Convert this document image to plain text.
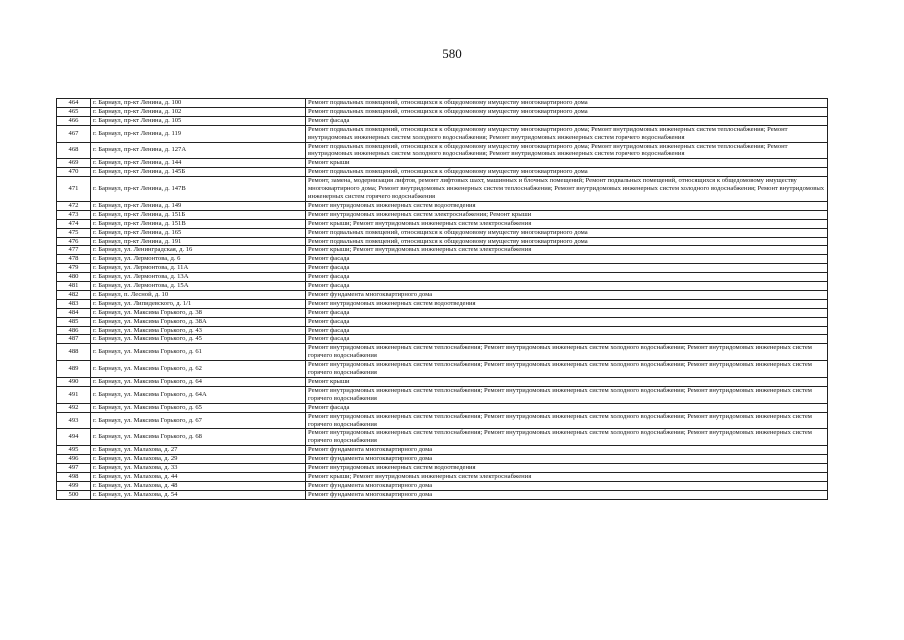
580
464	г. Барнаул, пр-кт Ленина, д. 100	Ремонт подвальных помещений, относящихся к общедомовому имуществу многоквартирного дома
465	г. Барнаул, пр-кт Ленина, д. 102	Ремонт подвальных помещений, относящихся к общедомовому имуществу многоквартирного дома
466	г. Барнаул, пр-кт Ленина, д. 105	Ремонт фасада
467	г. Барнаул, пр-кт Ленина, д. 119	Ремонт подвальных помещений, относящихся к общедомовому имуществу многоквартирного дома; Ремонт внутридомовых инженерных систем теплоснабжения; Ремонт внутридомовых инженерных систем холодного водоснабжения; Ремонт внутридомовых инженерных систем горячего водоснабжения
468	г. Барнаул, пр-кт Ленина, д. 127А	Ремонт подвальных помещений, относящихся к общедомовому имуществу многоквартирного дома; Ремонт внутридомовых инженерных систем теплоснабжения; Ремонт внутридомовых инженерных систем холодного водоснабжения; Ремонт внутридомовых инженерных систем горячего водоснабжения
469	г. Барнаул, пр-кт Ленина, д. 144	Ремонт крыши
470	г. Барнаул, пр-кт Ленина, д. 145Б	Ремонт подвальных помещений, относящихся к общедомовому имуществу многоквартирного дома
471	г. Барнаул, пр-кт Ленина, д. 147В	Ремонт, замена, модернизация лифтов, ремонт лифтовых шахт, машинных и блочных помещений; Ремонт подвальных помещений, относящихся к общедомовому имуществу многоквартирного дома; Ремонт внутридомовых инженерных систем теплоснабжения; Ремонт внутридомовых инженерных систем холодного водоснабжения; Ремонт внутридомовых инженерных систем горячего водоснабжения
472	г. Барнаул, пр-кт Ленина, д. 149	Ремонт внутридомовых инженерных систем водоотведения
473	г. Барнаул, пр-кт Ленина, д. 151Б	Ремонт внутридомовых инженерных систем электроснабжения; Ремонт крыши
474	г. Барнаул, пр-кт Ленина, д. 151В	Ремонт крыши; Ремонт внутридомовых инженерных систем электроснабжения
475	г. Барнаул, пр-кт Ленина, д. 165	Ремонт подвальных помещений, относящихся к общедомовому имуществу многоквартирного дома
476	г. Барнаул, пр-кт Ленина, д. 191	Ремонт подвальных помещений, относящихся к общедомовому имуществу многоквартирного дома
477	г. Барнаул, ул. Ленинградская, д. 16	Ремонт крыши; Ремонт внутридомовых инженерных систем электроснабжения
478	г. Барнаул, ул. Лермонтова, д. 6	Ремонт фасада
479	г. Барнаул, ул. Лермонтова, д. 11А	Ремонт фасада
480	г. Барнаул, ул. Лермонтова, д. 13А	Ремонт фасада
481	г. Барнаул, ул. Лермонтова, д. 15А	Ремонт фасада
482	г. Барнаул, п. Лесной, д. 10	Ремонт фундамента многоквартирного дома
483	г. Барнаул, ул. Липидевского, д. 1/1	Ремонт внутридомовых инженерных систем водоотведения
484	г. Барнаул, ул. Максима Горького, д. 38	Ремонт фасада
485	г. Барнаул, ул. Максима Горького, д. 38А	Ремонт фасада
486	г. Барнаул, ул. Максима Горького, д. 43	Ремонт фасада
487	г. Барнаул, ул. Максима Горького, д. 45	Ремонт фасада
488	г. Барнаул, ул. Максима Горького, д. 61	Ремонт внутридомовых инженерных систем теплоснабжения; Ремонт внутридомовых инженерных систем холодного водоснабжения; Ремонт внутридомовых инженерных систем горячего водоснабжения
489	г. Барнаул, ул. Максима Горького, д. 62	Ремонт внутридомовых инженерных систем теплоснабжения; Ремонт внутридомовых инженерных систем холодного водоснабжения; Ремонт внутридомовых инженерных систем горячего водоснабжения
490	г. Барнаул, ул. Максима Горького, д. 64	Ремонт крыши
491	г. Барнаул, ул. Максима Горького, д. 64А	Ремонт внутридомовых инженерных систем теплоснабжения; Ремонт внутридомовых инженерных систем холодного водоснабжения; Ремонт внутридомовых инженерных систем горячего водоснабжения
492	г. Барнаул, ул. Максима Горького, д. 65	Ремонт фасада
493	г. Барнаул, ул. Максима Горького, д. 67	Ремонт внутридомовых инженерных систем теплоснабжения; Ремонт внутридомовых инженерных систем холодного водоснабжения; Ремонт внутридомовых инженерных систем горячего водоснабжения
494	г. Барнаул, ул. Максима Горького, д. 68	Ремонт внутридомовых инженерных систем теплоснабжения; Ремонт внутридомовых инженерных систем холодного водоснабжения; Ремонт внутридомовых инженерных систем горячего водоснабжения
495	г. Барнаул, ул. Малахова, д. 27	Ремонт фундамента многоквартирного дома
496	г. Барнаул, ул. Малахова, д. 29	Ремонт фундамента многоквартирного дома
497	г. Барнаул, ул. Малахова, д. 33	Ремонт внутридомовых инженерных систем водоотведения
498	г. Барнаул, ул. Малахова, д. 44	Ремонт крыши; Ремонт внутридомовых инженерных систем электроснабжения
499	г. Барнаул, ул. Малахова, д. 48	Ремонт фундамента многоквартирного дома
500	г. Барнаул, ул. Малахова, д. 54	Ремонт фундамента многоквартирного дома
